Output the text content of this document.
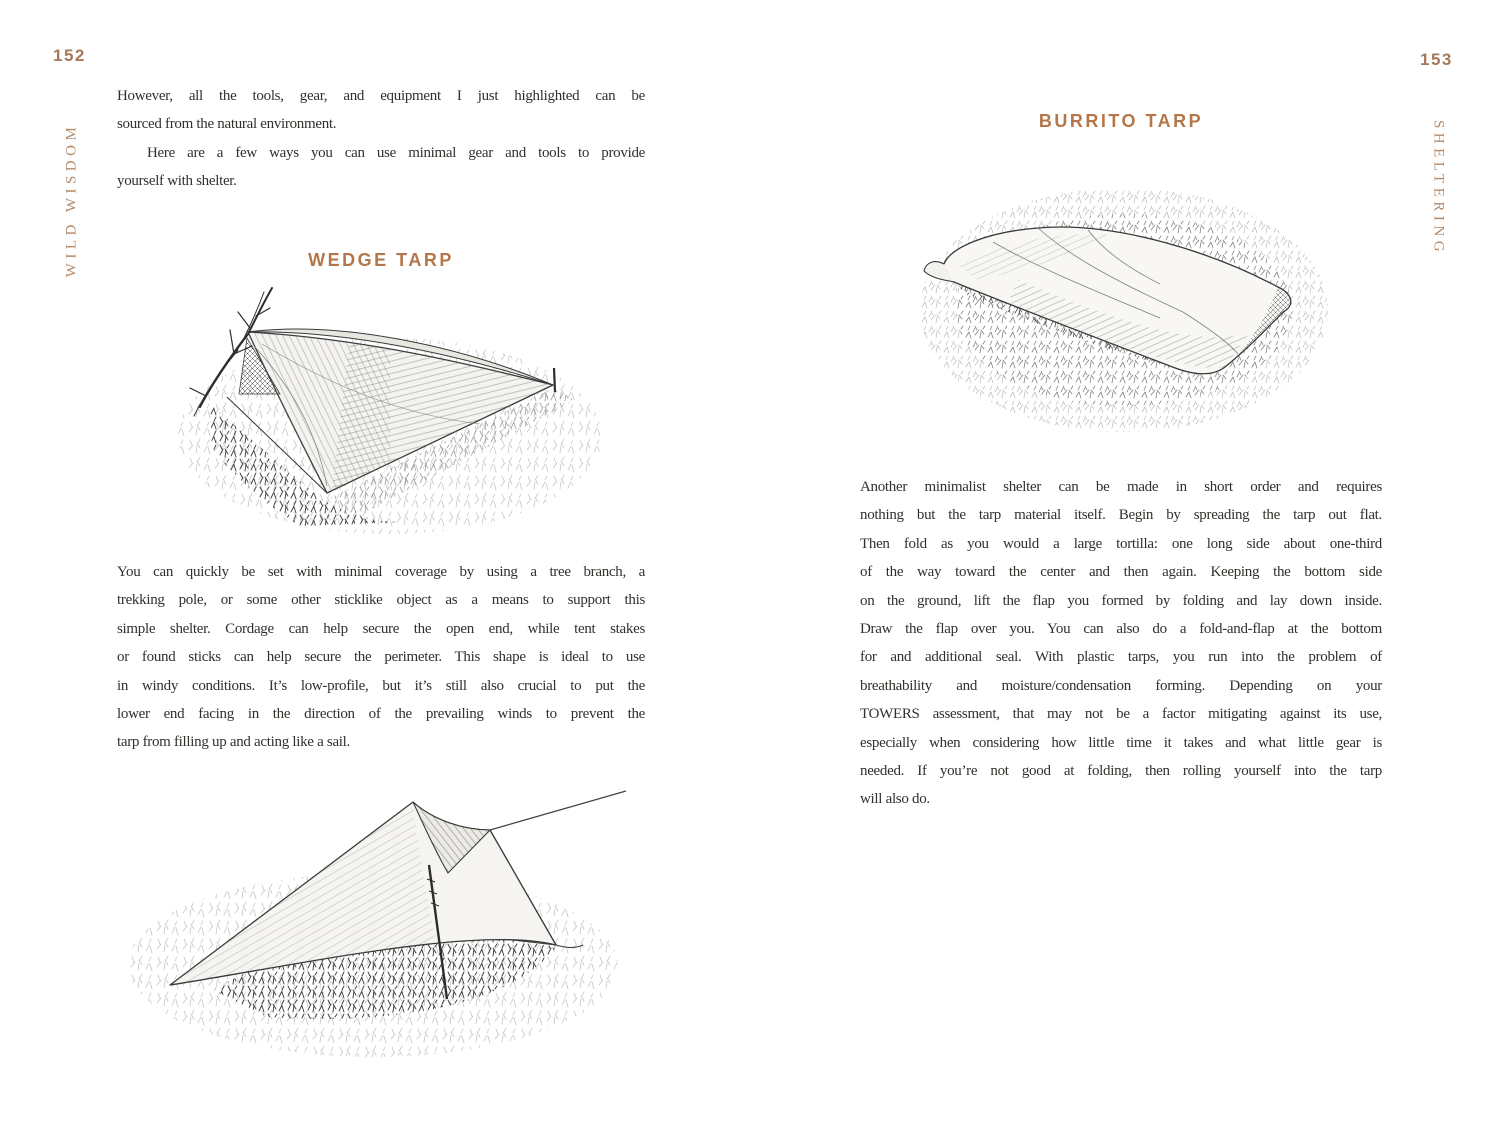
152
WILD WISDOM
However, all the tools, gear, and equipment I just highlighted can be
sourced from the natural environment.
Here are a few ways you can use minimal gear and tools to provide
yourself with shelter.
WEDGE TARP
You can quickly be set with minimal coverage by using a tree branch, a
trekking pole, or some other sticklike object as a means to support this
simple shelter. Cordage can help secure the open end, while tent stakes
or found sticks can help secure the perimeter. This shape is ideal to use
in windy conditions. It’s low-profile, but it’s still also crucial to put the
lower end facing in the direction of the prevailing winds to prevent the
tarp from filling up and acting like a sail.
153
SHELTERING
BURRITO TARP
Another minimalist shelter can be made in short order and requires
nothing but the tarp material itself. Begin by spreading the tarp out flat.
Then fold as you would a large tortilla: one long side about one-third
of the way toward the center and then again. Keeping the bottom side
on the ground, lift the flap you formed by folding and lay down inside.
Draw the flap over you. You can also do a fold-and-flap at the bottom
for and additional seal. With plastic tarps, you run into the problem of
breathability and moisture/condensation forming. Depending on your
TOWERS assessment, that may not be a factor mitigating against its use,
especially when considering how little time it takes and what little gear is
needed. If you’re not good at folding, then rolling yourself into the tarp
will also do.
